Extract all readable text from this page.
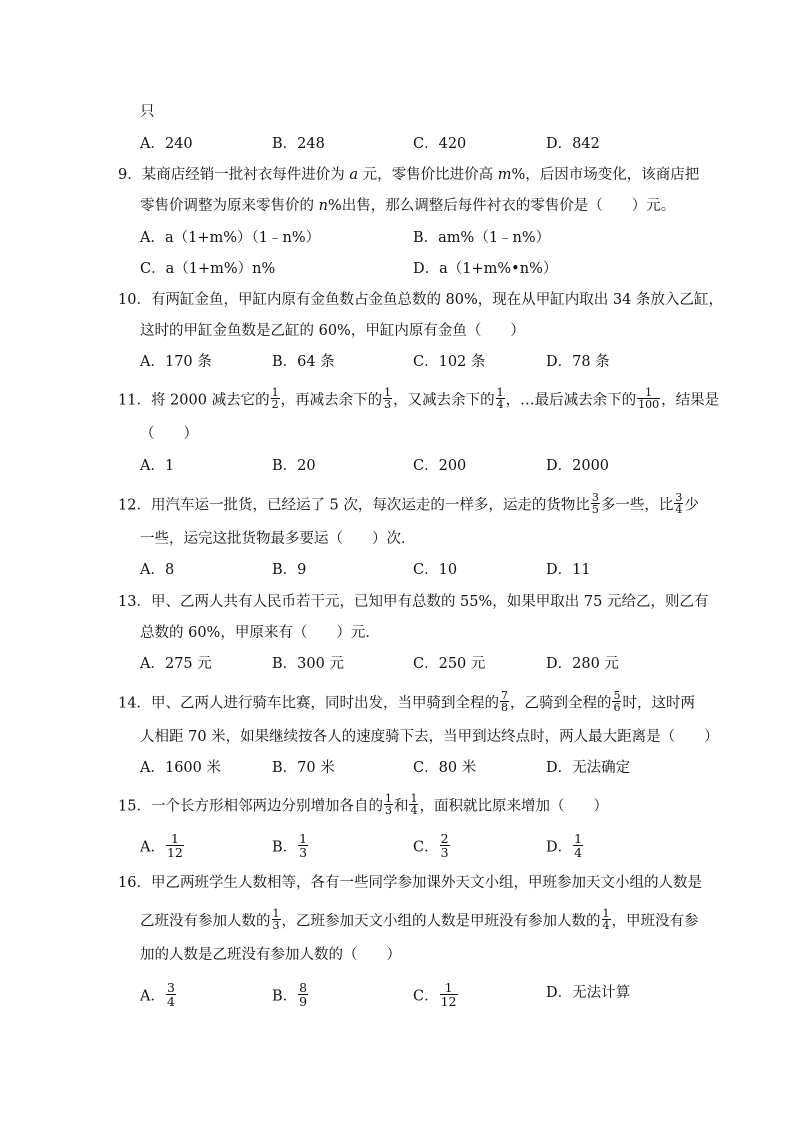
只
A．240	B．248	C．420	D．842
9．某商店经销一批衬衣每件进价为 a 元，零售价比进价高 m%，后因市场变化，该商店把
零售价调整为原来零售价的 n%出售，那么调整后每件衬衣的零售价是（　　）元。
A．a（1+m%）（1﹣n%）	B．am%（1﹣n%）
C．a（1+m%）n%	D．a（1+m%•n%）
10．有两缸金鱼，甲缸内原有金鱼数占金鱼总数的 80%，现在从甲缸内取出 34 条放入乙缸，
这时的甲缸金鱼数是乙缸的 60%，甲缸内原有金鱼（　　）
A．170 条	B．64 条	C．102 条	D．78 条
11．将 2000 减去它的 $\frac{1}{2}$ ，再减去余下的 $\frac{1}{3}$ ，又减去余下的 $\frac{1}{4}$ ，…最后减去余下的 $\frac{1}{100}$ ，结果是
（　　）
A．1	B．20	C．200	D．2000
12．用汽车运一批货，已经运了 5 次，每次运走的一样多，运走的货物比 $\frac{3}{5}$ 多一些，比 $\frac{3}{4}$ 少
一些，运完这批货物最多要运（　　）次．
A．8	B．9	C．10	D．11
13．甲、乙两人共有人民币若干元，已知甲有总数的 55%，如果甲取出 75 元给乙，则乙有
总数的 60%，甲原来有（　　）元．
A．275 元	B．300 元	C．250 元	D．280 元
14．甲、乙两人进行骑车比赛，同时出发，当甲骑到全程的 $\frac{7}{8}$ ，乙骑到全程的 $\frac{5}{6}$ 时，这时两
人相距 70 米，如果继续按各人的速度骑下去，当甲到达终点时，两人最大距离是（　　）
A．1600 米	B．70 米	C．80 米	D．无法确定
15．一个长方形相邻两边分别增加各自的 $\frac{1}{3}$ 和 $\frac{1}{4}$ ，面积就比原来增加（　　）
A． $\frac{1}{12}$	B． $\frac{1}{3}$	C． $\frac{2}{3}$	D． $\frac{1}{4}$
16．甲乙两班学生人数相等，各有一些同学参加课外天文小组，甲班参加天文小组的人数是
乙班没有参加人数的 $\frac{1}{3}$ ，乙班参加天文小组的人数是甲班没有参加人数的 $\frac{1}{4}$ ，甲班没有参
加的人数是乙班没有参加人数的（　　）
A． $\frac{3}{4}$	B． $\frac{8}{9}$	C． $\frac{1}{12}$	D．无法计算
